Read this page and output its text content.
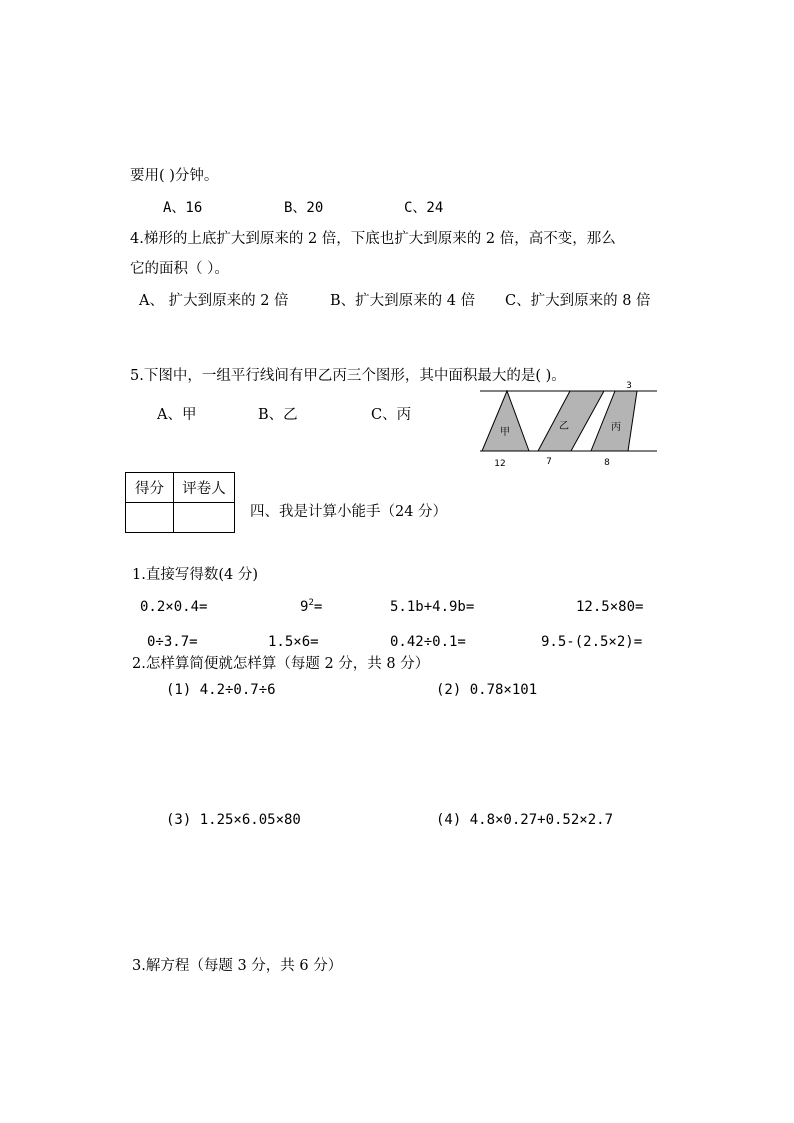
要用( )分钟。
A、16	B、20	C、24
4.梯形的上底扩大到原来的 2 倍，下底也扩大到原来的 2 倍，高不变，那么
它的面积（ ）。
A、 扩大到原来的 2 倍	B、扩大到原来的 4 倍 C、扩大到原来的 8 倍
5.下图中，一组平行线间有甲乙丙三个图形，其中面积最大的是( )。
A、甲	B、乙	C、丙
甲
乙	丙
3
12	7	8
得分	评卷人

四、我是计算小能手（24 分）
1.直接写得数(4 分)
0.2×0.4=	$9^2=$	5.1b+4.9b=	12.5×80=
0÷3.7=	1.5×6=	0.42÷0.1=	9.5-(2.5×2)=
2.怎样算简便就怎样算（每题 2 分，共 8 分）
(1) 4.2÷0.7÷6	(2) 0.78×101
(3) 1.25×6.05×80	(4) 4.8×0.27+0.52×2.7
3.解方程（每题 3 分，共 6 分）
